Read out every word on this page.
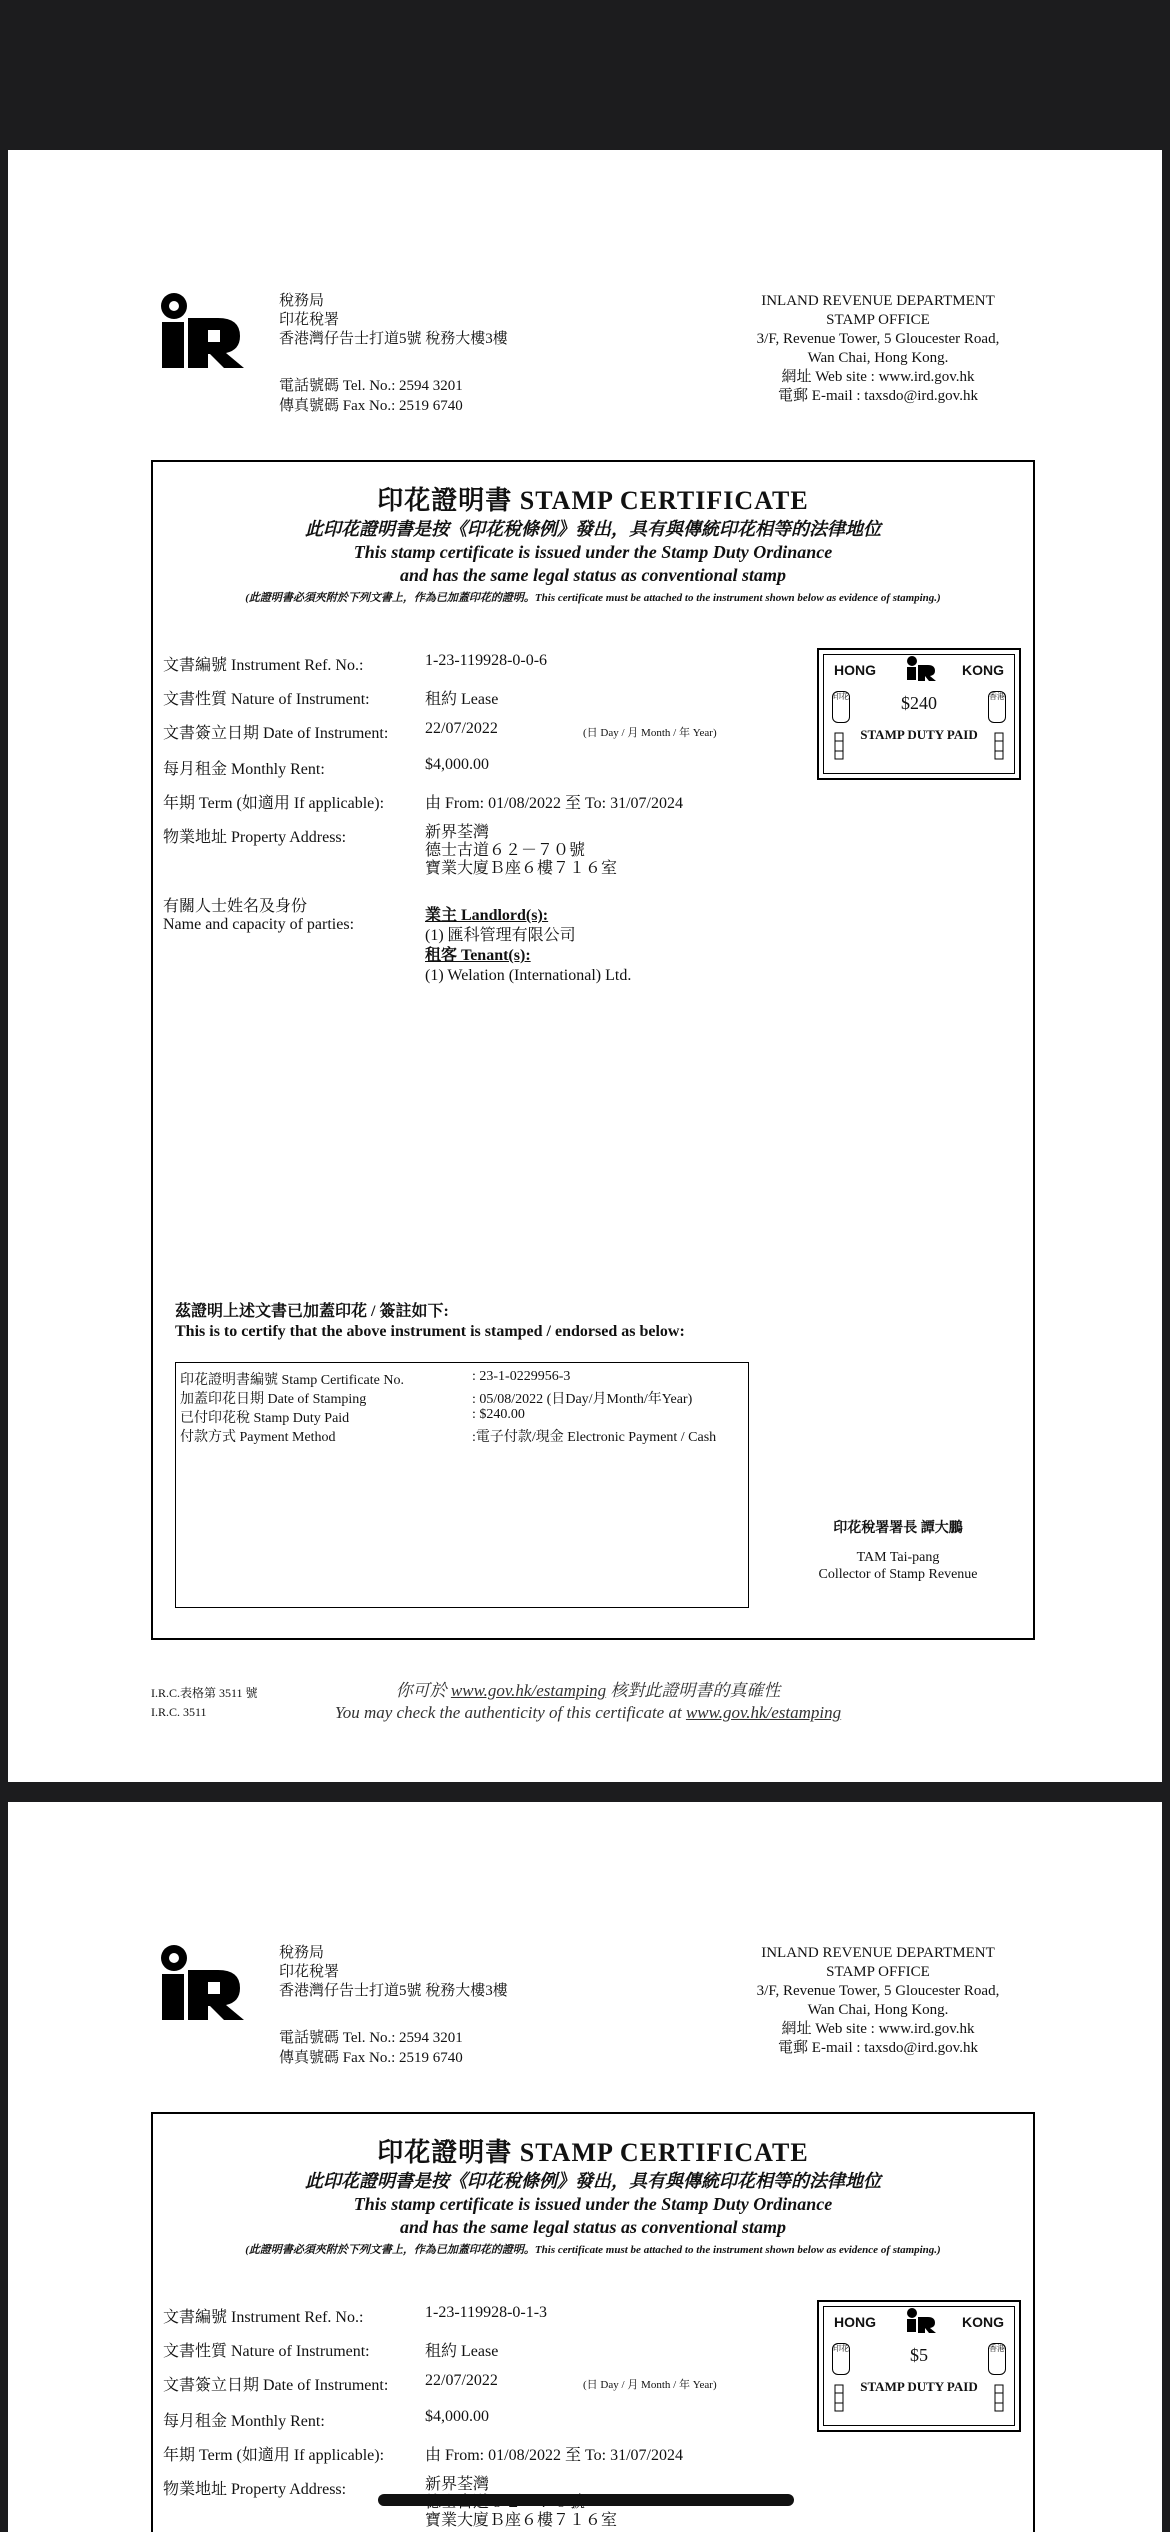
稅務局
印花稅署
香港灣仔告士打道5號 稅務大樓3樓
電話號碼 Tel. No.: 2594 3201
傳真號碼 Fax No.: 2519 6740
INLAND REVENUE DEPARTMENT
STAMP OFFICE
3/F, Revenue Tower, 5 Gloucester Road,
Wan Chai, Hong Kong.
網址 Web site : www.ird.gov.hk
電郵 E-mail : taxsdo@ird.gov.hk
印花證明書 STAMP CERTIFICATE
此印花證明書是按《印花稅條例》發出，具有與傳統印花相等的法律地位
This stamp certificate is issued under the Stamp Duty Ordinance
and has the same legal status as conventional stamp
(此證明書必須夾附於下列文書上，作為已加蓋印花的證明。This certificate must be attached to the instrument shown below as evidence of stamping.)
文書編號 Instrument Ref. No.:	1-23-119928-0-0-6
文書性質 Nature of Instrument:	租約 Lease
文書簽立日期 Date of Instrument: 22/07/2022	(日 Day / 月 Month / 年 Year)
每月租金 Monthly Rent:	$4,000.00
年期 Term (如適用 If applicable):	由 From: 01/08/2022 至 To: 31/07/2024
物業地址 Property Address:	新界荃灣
德士古道６２－７０號
寶業大廈Ｂ座６樓７１６室
有關人士姓名及身份
Name and capacity of parties:
業主 Landlord(s):
(1) 匯科管理有限公司
租客 Tenant(s):
(1) Welation (International) Ltd.
HONG	KONG
印花	香港
$240
STAMP DUTY PAID
茲證明上述文書已加蓋印花 / 簽註如下:
This is to certify that the above instrument is stamped / endorsed as below:
印花證明書編號 Stamp Certificate No.	: 23-1-0229956-3
加蓋印花日期 Date of Stamping	: 05/08/2022 (日Day/月Month/年Year)
已付印花稅 Stamp Duty Paid	: $240.00
付款方式 Payment Method	:電子付款/現金 Electronic Payment / Cash
印花稅署署長 譚大鵬
TAM Tai-pang
Collector of Stamp Revenue
I.R.C.表格第 3511 號
I.R.C. 3511
你可於 www.gov.hk/estamping 核對此證明書的真確性
You may check the authenticity of this certificate at www.gov.hk/estamping
稅務局
印花稅署
香港灣仔告士打道5號 稅務大樓3樓
電話號碼 Tel. No.: 2594 3201
傳真號碼 Fax No.: 2519 6740
INLAND REVENUE DEPARTMENT
STAMP OFFICE
3/F, Revenue Tower, 5 Gloucester Road,
Wan Chai, Hong Kong.
網址 Web site : www.ird.gov.hk
電郵 E-mail : taxsdo@ird.gov.hk
印花證明書 STAMP CERTIFICATE
此印花證明書是按《印花稅條例》發出，具有與傳統印花相等的法律地位
This stamp certificate is issued under the Stamp Duty Ordinance
and has the same legal status as conventional stamp
(此證明書必須夾附於下列文書上，作為已加蓋印花的證明。This certificate must be attached to the instrument shown below as evidence of stamping.)
文書編號 Instrument Ref. No.:	1-23-119928-0-1-3
文書性質 Nature of Instrument:	租約 Lease
文書簽立日期 Date of Instrument: 22/07/2022	(日 Day / 月 Month / 年 Year)
每月租金 Monthly Rent:	$4,000.00
年期 Term (如適用 If applicable):	由 From: 01/08/2022 至 To: 31/07/2024
物業地址 Property Address:	新界荃灣
寶業大廈Ｂ座６樓７１６室
HONG	KONG
印花	香港
$5
STAMP DUTY PAID
